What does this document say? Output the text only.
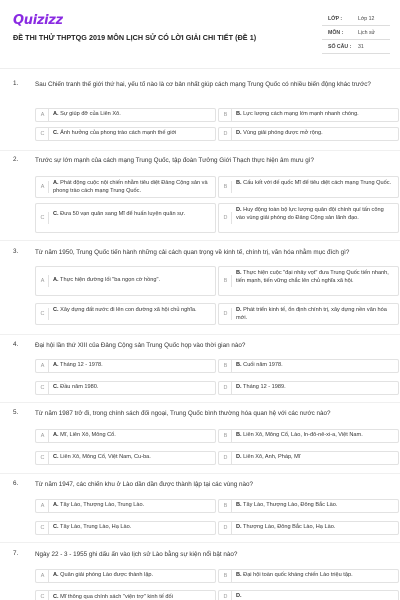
Quizizz
ĐỀ THI THỬ THPTQG 2019 MÔN LỊCH SỬ CÓ LỜI GIẢI CHI TIẾT (ĐỀ 1)
LỚP :	Lớp 12
MÔN :	Lịch sử
SỐ CÂU :	31
1.	Sau Chiến tranh thế giới thứ hai, yếu tố nào là cơ bản nhất giúp cách mạng Trung Quốc có nhiều biến động khác trước?
A	A. Sự giúp đỡ của Liên Xô.	B	B. Lực lượng cách mạng lớn mạnh nhanh chóng.
C	C. Ảnh hưởng của phong trào cách mạnh thế giới	D	D. Vùng giải phóng được mở rộng.
2.	Trước sự lớn mạnh của cách mạng Trung Quốc, tập đoàn Tưởng Giới Thạch thực hiện âm mưu gì?
A
A. Phát động cuộc nội chiến nhằm tiêu diệt Đảng Cộng sản và phong trào cách mạng Trung Quốc.
B
B. Cấu kết với đế quốc Mĩ để tiêu diệt cách mạng Trung Quốc.
C
C. Đưa 50 vạn quân sang Mĩ để huấn luyện quân sự.
D
D. Huy động toàn bộ lực lượng quân đội chính quí tấn công vào vùng giải phóng do Đảng Cộng sản lãnh đạo.
3.	Từ năm 1950, Trung Quốc tiến hành những cải cách quan trọng về kinh tế, chính trị, văn hóa nhằm mục đích gì?
A	A. Thực hiện đường lối "ba ngọn cờ hồng".	B
B. Thực hiện cuộc "đại nhảy vọt" đưa Trung Quốc tiến nhanh, tiến mạnh, tiến vững chắc lên chủ nghĩa xã hội.
C
C. Xây dựng đất nước đi lên con đường xã hội chủ nghĩa.
D
D. Phát triển kinh tế, ổn định chính trị, xây dựng nền văn hóa mới.
4.	Đại hội lần thứ XIII của Đảng Cộng sản Trung Quốc họp vào thời gian nào?
A	A. Tháng 12 - 1978.	B	B. Cuối năm 1978.
C	C. Đầu năm 1980.	D	D. Tháng 12 - 1989.
5.	Từ năm 1987 trở đi, trong chính sách đối ngoại, Trung Quốc bình thường hóa quan hệ với các nước nào?
A	A. Mĩ, Liên Xô, Mông Cổ.	B	B. Liên Xô, Mông Cổ, Lào, In-đô-nê-xi-a, Việt Nam.
C	C. Liên Xô, Mông Cổ, Việt Nam, Cu-ba.	D	D. Liên Xô, Anh, Pháp, Mĩ
6.	Từ năm 1947, các chiến khu ở Lào dần dần được thành lập tại các vùng nào?
A	A. Tây Lào, Thượng Lào, Trung Lào.	B	B. Tây Lào, Thượng Lào, Đông Bắc Lào.
C	C. Tây Lào, Trung Lào, Hạ Lào.	D	D. Thượng Lào, Đông Bắc Lào, Hạ Lào.
7.	Ngày 22 - 3 - 1955 ghi dấu ấn vào lịch sử Lào bằng sự kiện nổi bật nào?
A	A. Quân giải phóng Lào được thành lập.	B	B. Đại hội toàn quốc kháng chiến Lào triệu tập.
C	C. Mĩ thông qua chính sách "viện trợ" kinh tế đối	D	D.
